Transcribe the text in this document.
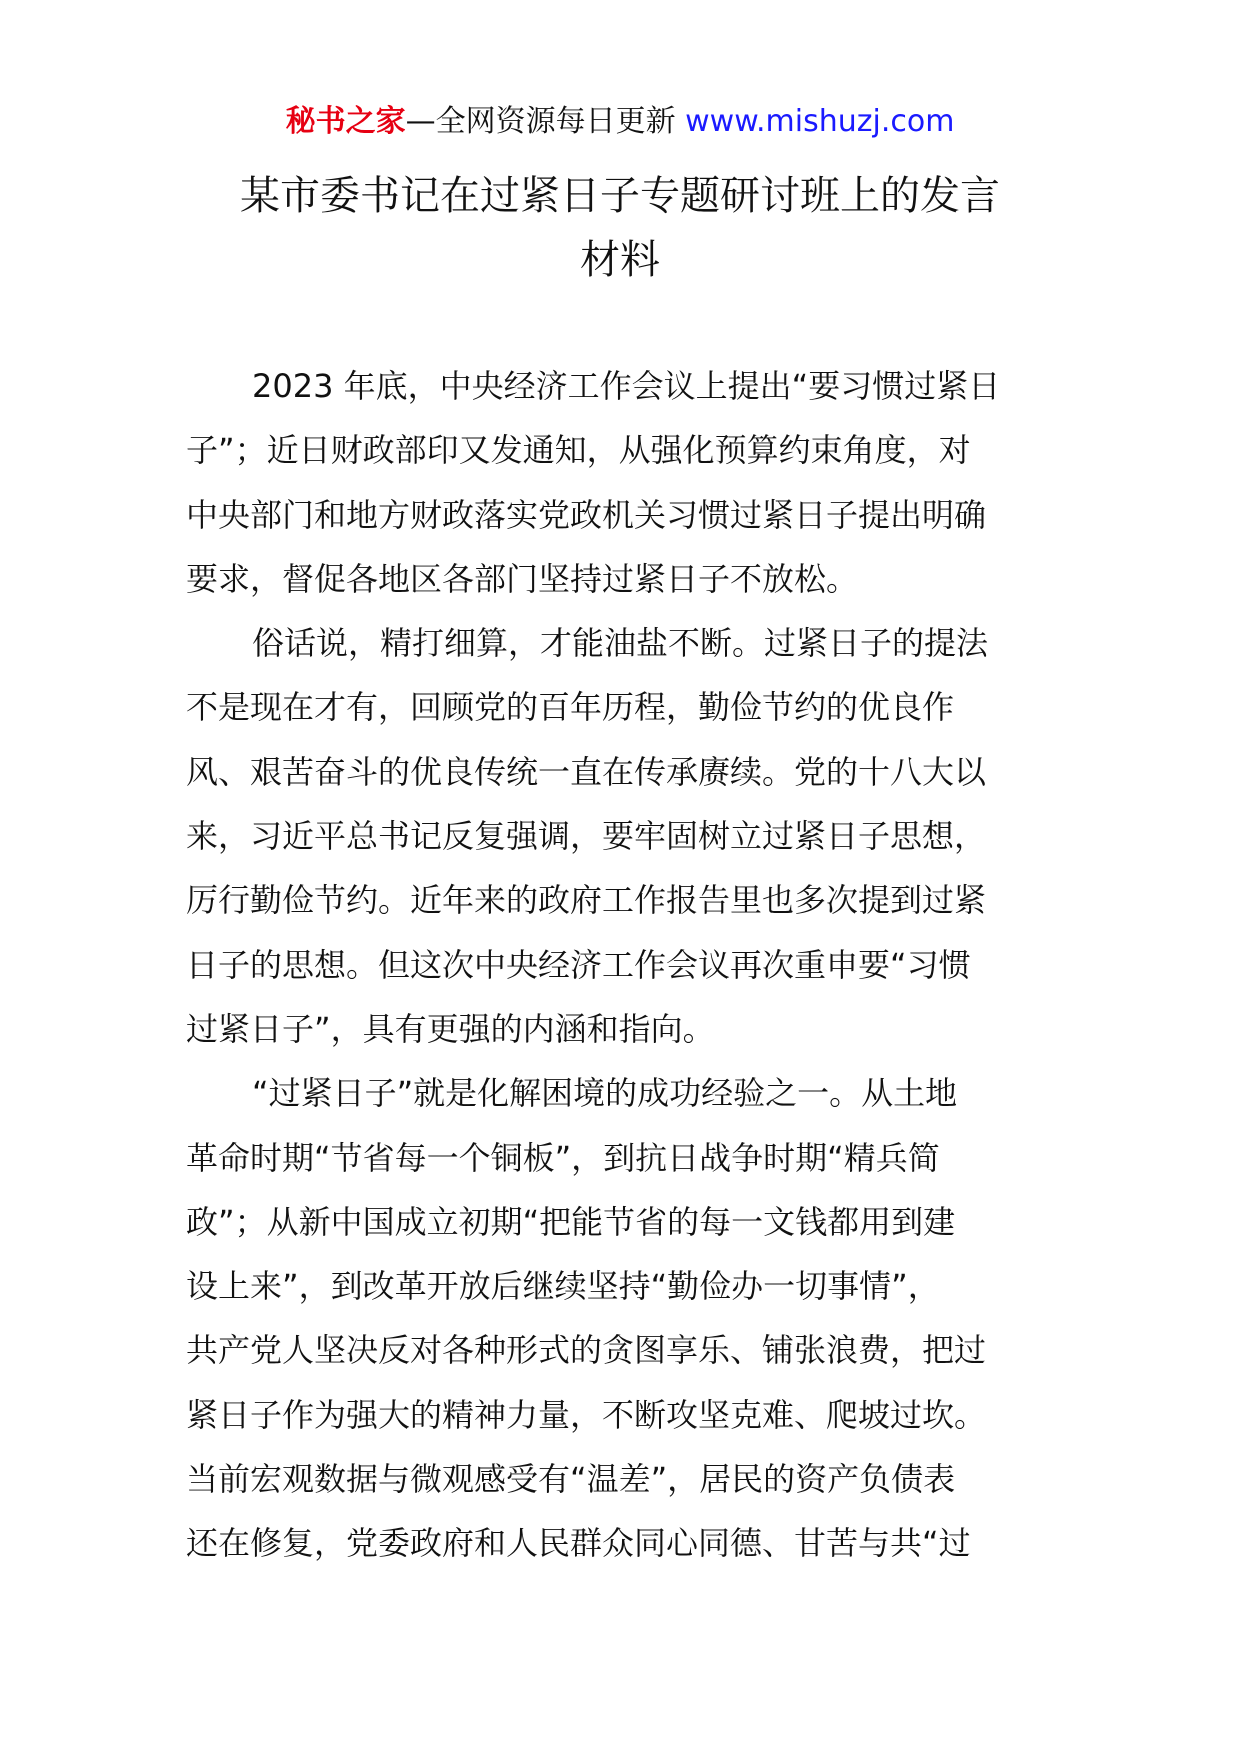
秘书之家—全网资源每日更新 www.mishuzj.com
某市委书记在过紧日子专题研讨班上的发言
材料
2023 年底，中央经济工作会议上提出“要习惯过紧日
子”；近日财政部印又发通知，从强化预算约束角度，对
中央部门和地方财政落实党政机关习惯过紧日子提出明确
要求，督促各地区各部门坚持过紧日子不放松。
俗话说，精打细算，才能油盐不断。过紧日子的提法
不是现在才有，回顾党的百年历程，勤俭节约的优良作
风、艰苦奋斗的优良传统一直在传承赓续。党的十八大以
来，习近平总书记反复强调，要牢固树立过紧日子思想，
厉行勤俭节约。近年来的政府工作报告里也多次提到过紧
日子的思想。但这次中央经济工作会议再次重申要“习惯
过紧日子”，具有更强的内涵和指向。
“过紧日子”就是化解困境的成功经验之一。从土地
革命时期“节省每一个铜板”，到抗日战争时期“精兵简
政”；从新中国成立初期“把能节省的每一文钱都用到建
设上来”，到改革开放后继续坚持“勤俭办一切事情”，
共产党人坚决反对各种形式的贪图享乐、铺张浪费，把过
紧日子作为强大的精神力量，不断攻坚克难、爬坡过坎。
当前宏观数据与微观感受有“温差”，居民的资产负债表
还在修复，党委政府和人民群众同心同德、甘苦与共“过
